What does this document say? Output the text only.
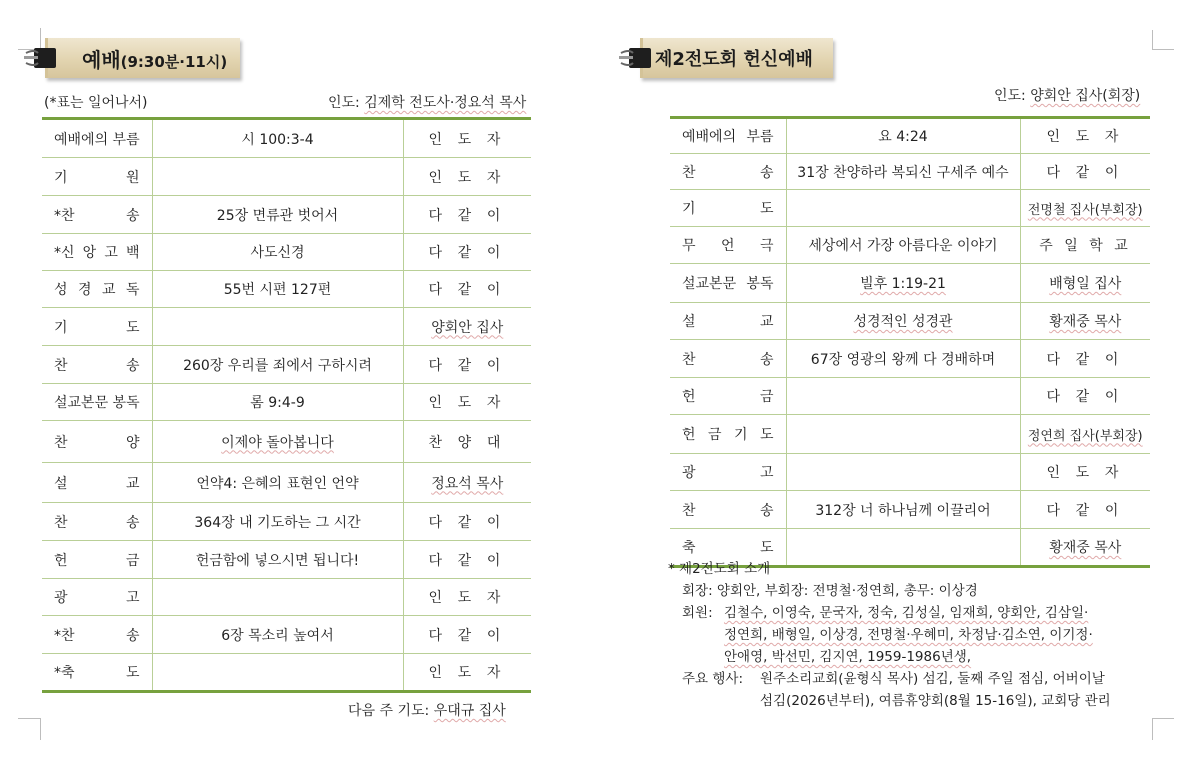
예배(9:30분·11시)
(*표는 일어나서)	인도: 김제학 전도사·정요석 목사
예배에의 부름	시 100:3-4	인 도 자
기 원		인 도 자
*찬 송	25장 면류관 벗어서	다 같 이
*신 앙 고 백	사도신경	다 같 이
성 경 교 독	55번 시편 127편	다 같 이
기 도		양회안 집사
찬 송	260장 우리를 죄에서 구하시려	다 같 이
설교본문 봉독	롬 9:4-9	인 도 자
찬 양	이제야 돌아봅니다	찬 양 대
설 교	언약4: 은혜의 표현인 언약	정요석 목사
찬 송	364장 내 기도하는 그 시간	다 같 이
헌 금	헌금함에 넣으시면 됩니다!	다 같 이
광 고		인 도 자
*찬 송	6장 목소리 높여서	다 같 이
*축 도		인 도 자
다음 주 기도: 우대규 집사
제2전도회 헌신예배
인도: 양회안 집사(회장)
예배에의 부름	요 4:24	인 도 자
찬 송	31장 찬양하라 복되신 구세주 예수	다 같 이
기 도		전명철 집사(부회장)
무 언 극	세상에서 가장 아름다운 이야기	주 일 학 교
설교본문 봉독	빌후 1:19-21	배형일 집사
설 교	성경적인 성경관	황재중 목사
찬 송	67장 영광의 왕께 다 경배하며	다 같 이
헌 금		다 같 이
헌 금 기 도		정연희 집사(부회장)
광 고		인 도 자
찬 송	312장 너 하나님께 이끌리어	다 같 이
축 도		황재중 목사
* 제2전도회 소개
회장: 양회안, 부회장: 전명철·정연희, 총무: 이상경
회원: 김철수, 이영숙, 문국자, 정숙, 김성실, 임재희, 양회안, 김삼일·
정연희, 배형일, 이상경, 전명철·우혜미, 차정남·김소연, 이기정·
안애영, 박선민, 김지연, 1959-1986년생,
주요 행사:	원주소리교회(윤형식 목사) 섬김, 둘째 주일 점심, 어버이날
섬김(2026년부터), 여름휴양회(8월 15-16일), 교회당 관리
